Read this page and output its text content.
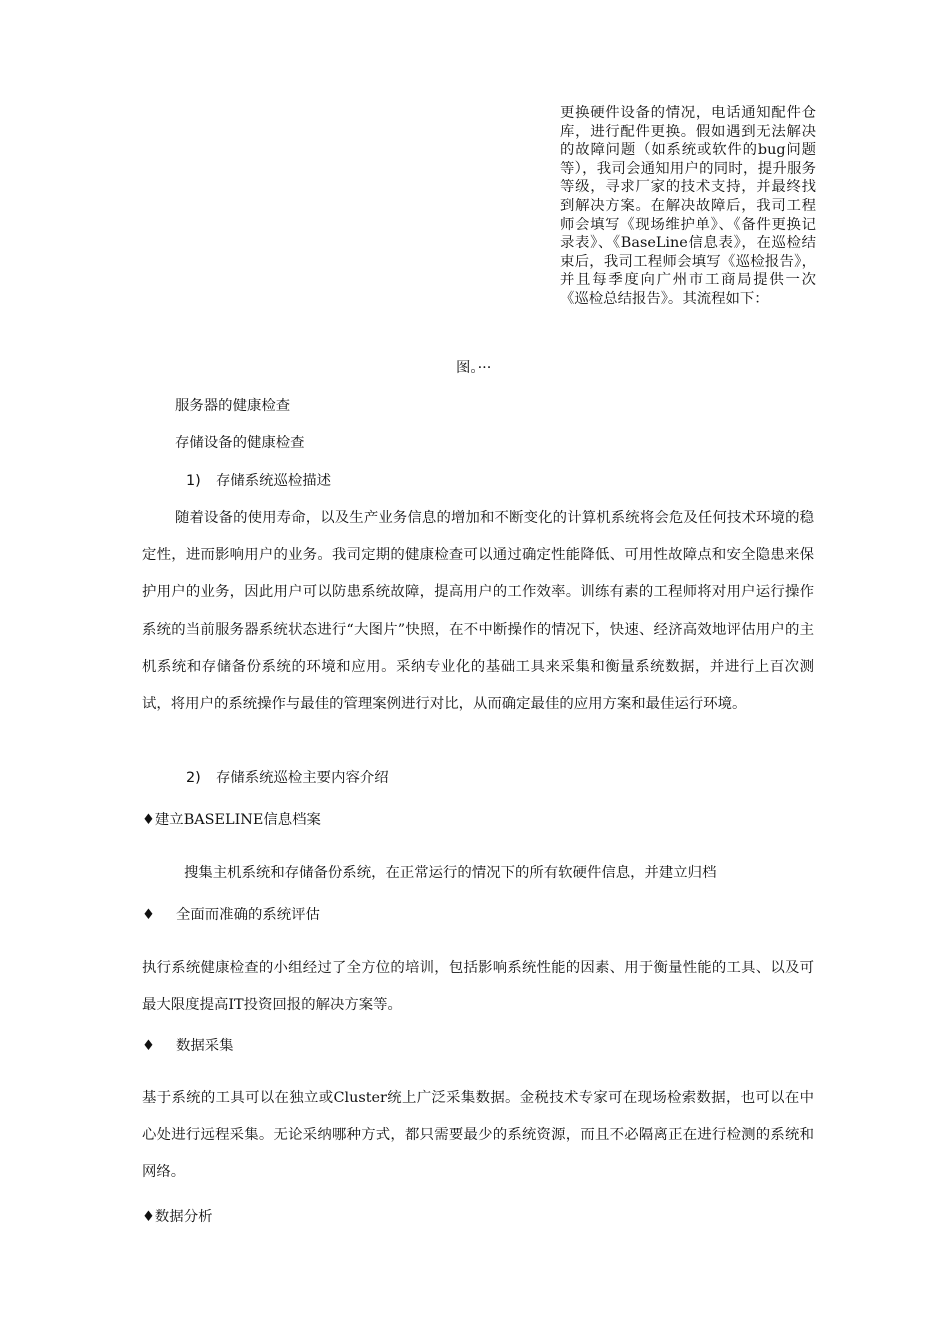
更换硬件设备的情况，电话通知配件仓库，进行配件更换。假如遇到无法解决的故障问题（如系统或软件的bug问题等），我司会通知用户的同时，提升服务等级，寻求厂家的技术支持，并最终找到解决方案。在解决故障后，我司工程师会填写《现场维护单》、《备件更换记录表》、《BaseLine信息表》，在巡检结束后，我司工程师会填写《巡检报告》，并且每季度向广州市工商局提供一次《巡检总结报告》。其流程如下：

图。···
服务器的健康检查
存储设备的健康检查
1) 存储系统巡检描述

随着设备的使用寿命，以及生产业务信息的增加和不断变化的计算机系统将会危及任何技术环境的稳定性，进而影响用户的业务。我司定期的健康检查可以通过确定性能降低、可用性故障点和安全隐患来保护用户的业务，因此用户可以防患系统故障，提高用户的工作效率。训练有素的工程师将对用户运行操作系统的当前服务器系统状态进行“大图片”快照，在不中断操作的情况下，快速、经济高效地评估用户的主机系统和存储备份系统的环境和应用。采纳专业化的基础工具来采集和衡量系统数据，并进行上百次测试，将用户的系统操作与最佳的管理案例进行对比，从而确定最佳的应用方案和最佳运行环境。

2) 存储系统巡检主要内容介绍
♦建立BASELINE信息档案
搜集主机系统和存储备份系统，在正常运行的情况下的所有软硬件信息，并建立归档
♦ 全面而准确的系统评估

执行系统健康检查的小组经过了全方位的培训，包括影响系统性能的因素、用于衡量性能的工具、以及可最大限度提高IT投资回报的解决方案等。

♦ 数据采集

基于系统的工具可以在独立或Cluster统上广泛采集数据。金税技术专家可在现场检索数据，也可以在中心处进行远程采集。无论采纳哪种方式，都只需要最少的系统资源，而且不必隔离正在进行检测的系统和网络。

♦数据分析
